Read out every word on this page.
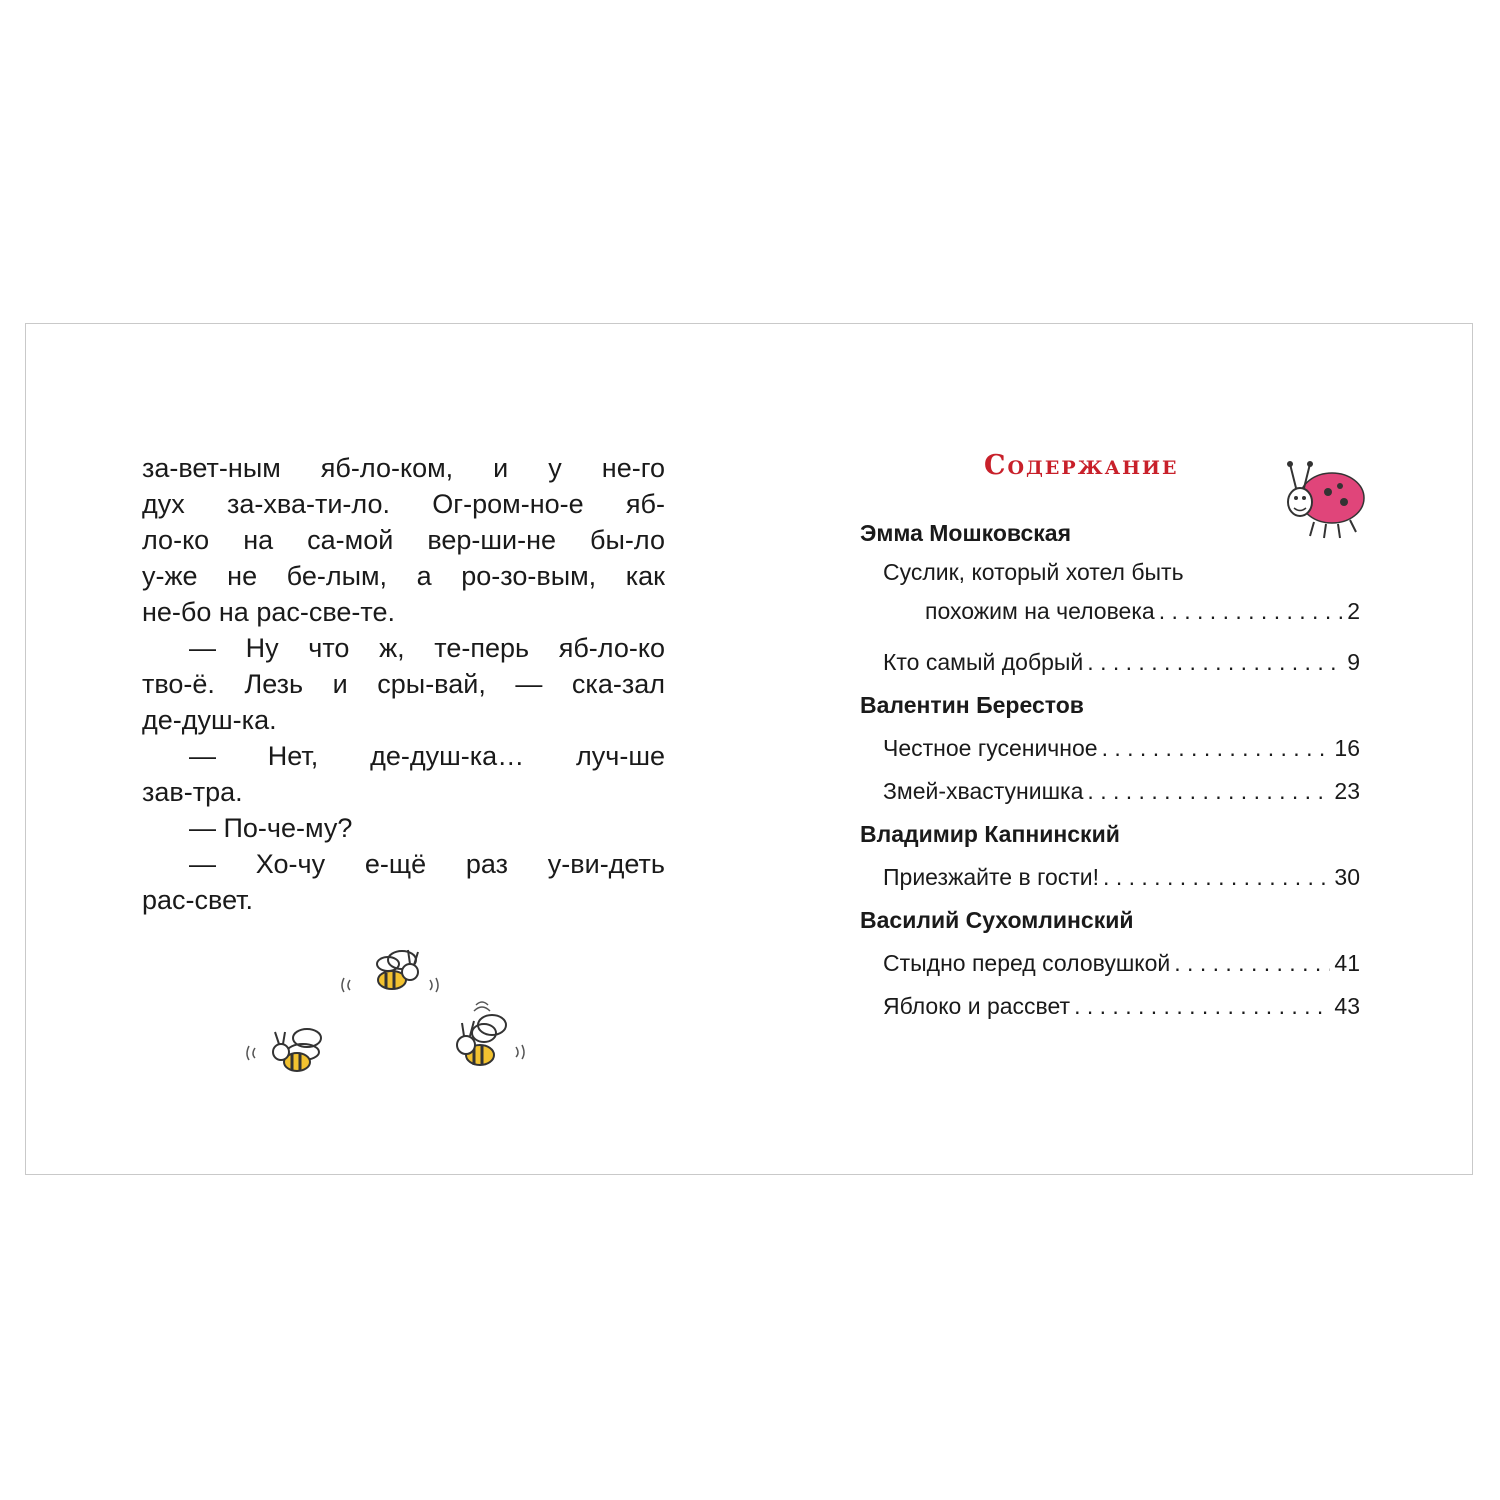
за-вет-ным яб-ло-ком, и у не-го

дух за-хва-ти-ло. Ог-ром-но-е яб-

ло-ко на са-мой вер-ши-не бы-ло

у-же не бе-лым, а ро-зо-вым, как

не-бо на рас-све-те.

— Ну что ж, те-перь яб-ло-ко

тво-ё. Лезь и сры-вай, — ска-зал

де-душ-ка.

— Нет, де-душ-ка… луч-ше

зав-тра.

— По-че-му?

— Хо-чу е-щё раз у-ви-деть

рас-свет.

Содержание
Эмма Мошковская
Суслик, который хотел быть
похожим на человека . . .	2
Кто самый добрый . . .	9
Валентин Берестов
Честное гусеничное . . .	16
Змей-хвастунишка . . .	23
Владимир Капнинский
Приезжайте в гости! . . .	30
Василий Сухомлинский
Стыдно перед соловушкой . . .	41
Яблоко и рассвет . . .	43
